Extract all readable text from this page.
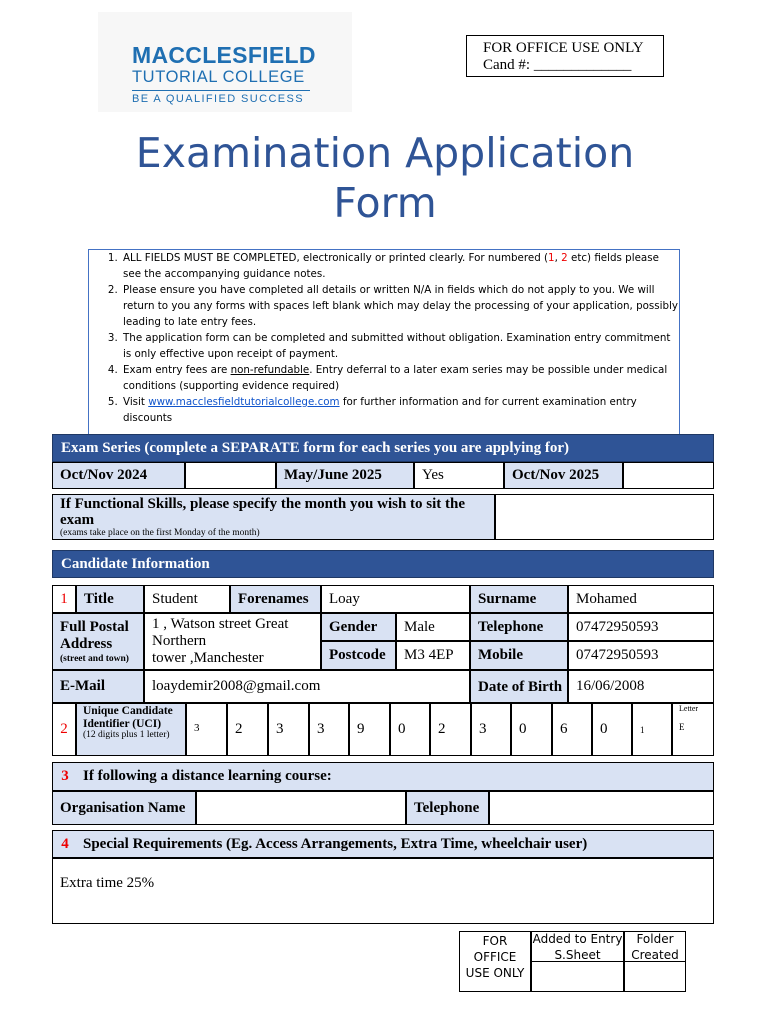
MACCLESFIELD
TUTORIAL COLLEGE
BE A QUALIFIED SUCCESS
FOR OFFICE USE ONLY
Cand #: _____________
Examination Application
Form
1. ALL FIELDS MUST BE COMPLETED, electronically or printed clearly. For numbered (1, 2 etc) fields please see the accompanying guidance notes.
2. Please ensure you have completed all details or written N/A in fields which do not apply to you. We will return to you any forms with spaces left blank which may delay the processing of your application, possibly leading to late entry fees.
3. The application form can be completed and submitted without obligation. Examination entry commitment is only effective upon receipt of payment.
4. Exam entry fees are non-refundable. Entry deferral to a later exam series may be possible under medical conditions (supporting evidence required)
5. Visit www.macclesfieldtutorialcollege.com for further information and for current examination entry discounts
Exam Series (complete a SEPARATE form for each series you are applying for)
Oct/Nov 2024	May/June 2025	Yes	Oct/Nov 2025
If Functional Skills, please specify the month you wish to sit the exam
(exams take place on the first Monday of the month)
Candidate Information
1	Title	Student	Forenames	Loay	Surname	Mohamed
Full Postal Address
(street and town)
1 , Watson street Great
Northern
tower ,Manchester
Gender	Male	Telephone	07472950593
Postcode	M3 4EP	Mobile	07472950593
E-Mail	loaydemir2008@gmail.com	Date of Birth 16/06/2008
2
Unique Candidate Identifier (UCI)
(12 digits plus 1 letter)
3	2	3	3	9	0	2	3	0	6	0	1
Letter
E
3 If following a distance learning course:
Organisation Name	Telephone
4 Special Requirements (Eg. Access Arrangements, Extra Time, wheelchair user)
Extra time 25%
FOR OFFICE USE ONLY
Added to Entry S.Sheet
Folder Created
